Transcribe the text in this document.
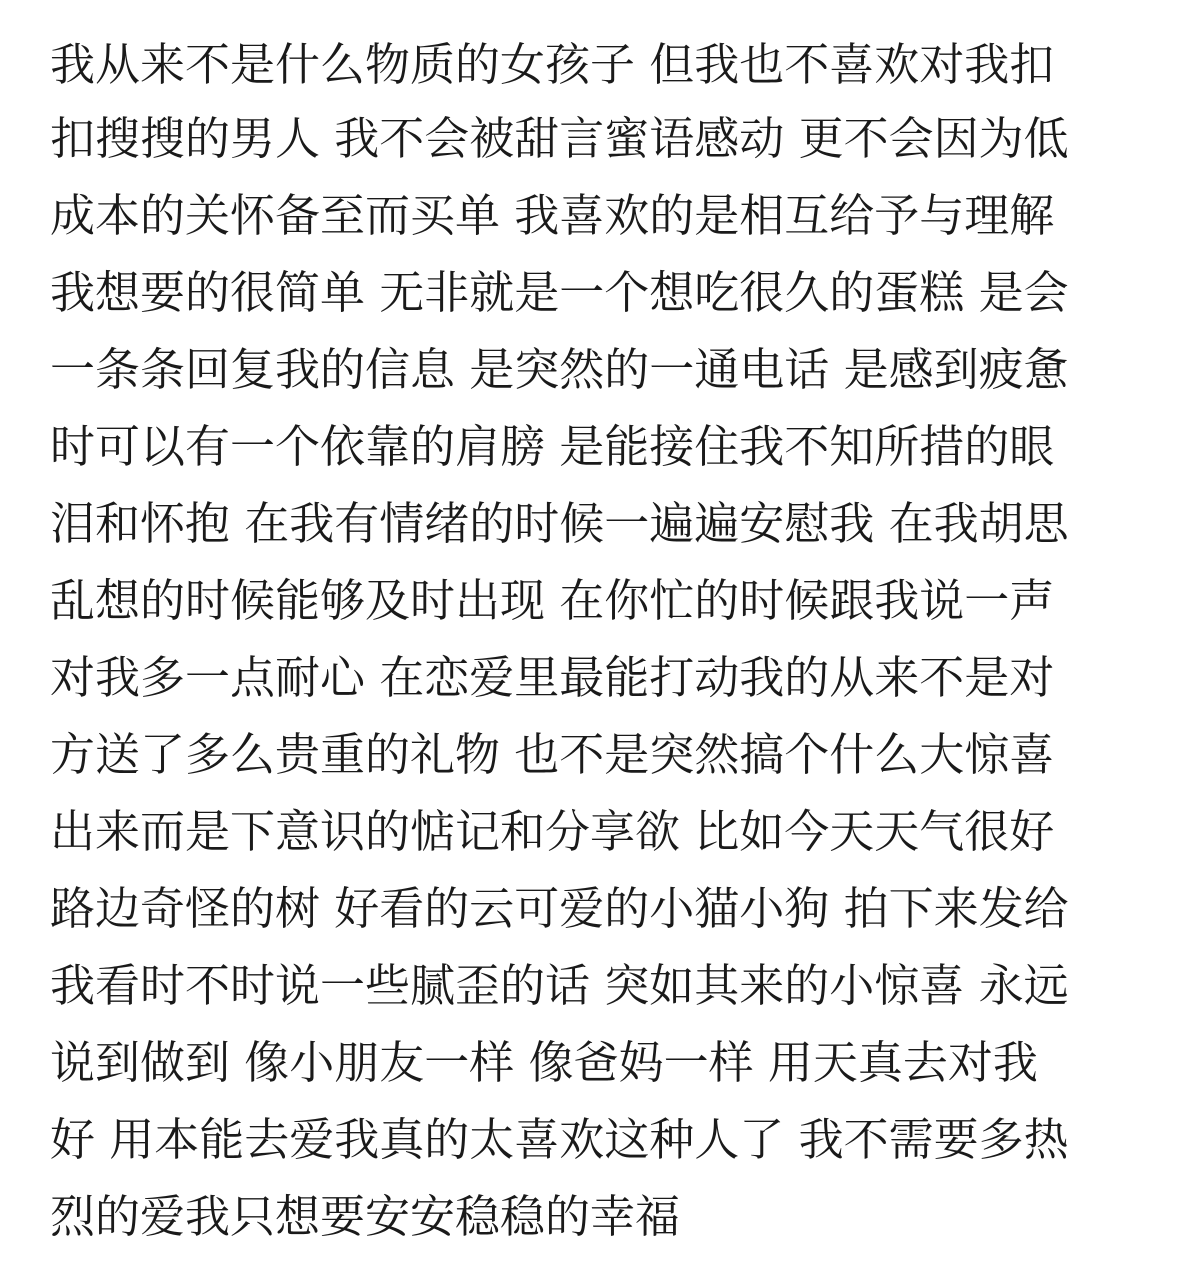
我从来不是什么物质的女孩子 但我也不喜欢对我扣
扣搜搜的男人 我不会被甜言蜜语感动 更不会因为低
成本的关怀备至而买单 我喜欢的是相互给予与理解
我想要的很简单 无非就是一个想吃很久的蛋糕 是会
一条条回复我的信息 是突然的一通电话 是感到疲惫
时可以有一个依靠的肩膀 是能接住我不知所措的眼
泪和怀抱 在我有情绪的时候一遍遍安慰我 在我胡思
乱想的时候能够及时出现 在你忙的时候跟我说一声
对我多一点耐心 在恋爱里最能打动我的从来不是对
方送了多么贵重的礼物 也不是突然搞个什么大惊喜
出来而是下意识的惦记和分享欲 比如今天天气很好
路边奇怪的树 好看的云可爱的小猫小狗 拍下来发给
我看时不时说一些腻歪的话 突如其来的小惊喜 永远
说到做到 像小朋友一样 像爸妈一样 用天真去对我
好 用本能去爱我真的太喜欢这种人了 我不需要多热
烈的爱我只想要安安稳稳的幸福
